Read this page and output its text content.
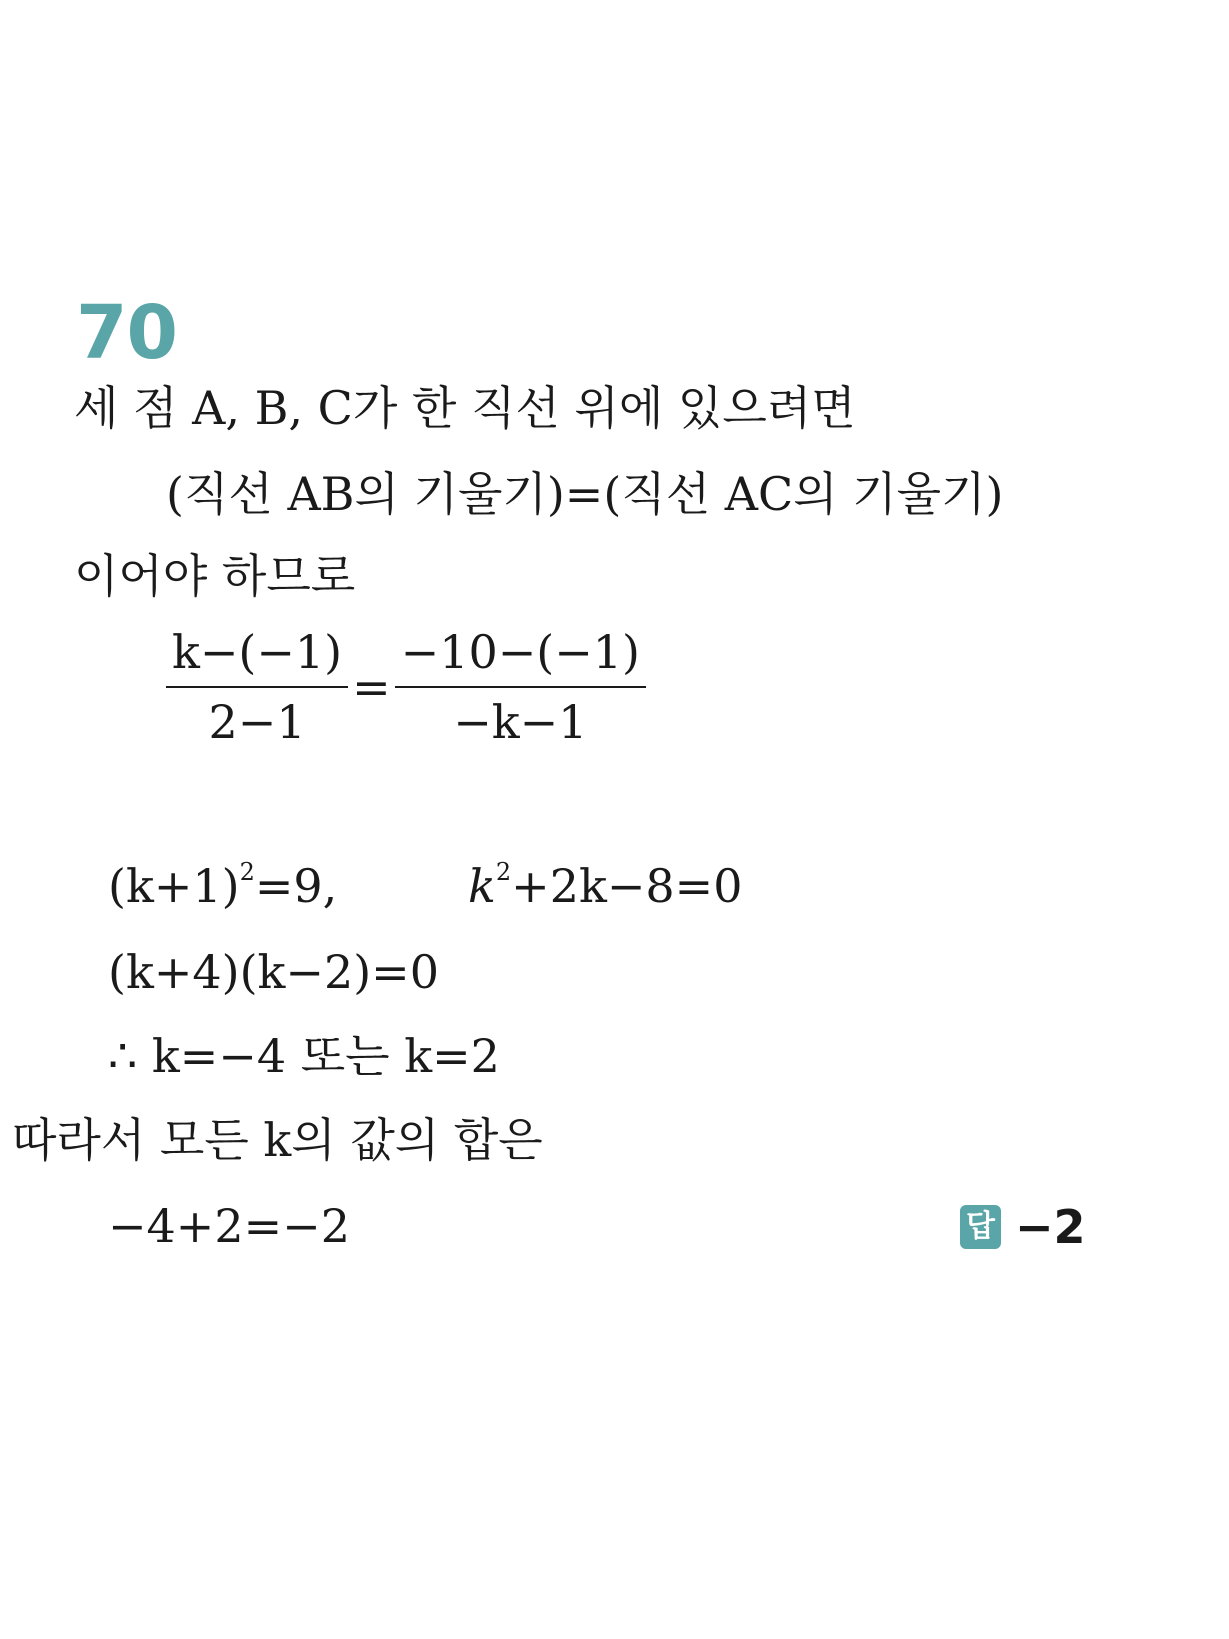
70
세 점 A, B, C가 한 직선 위에 있으려면
(직선 AB의 기울기)=(직선 AC의 기울기)
이어야 하므로
$\frac{k-(-1)}{2-1} = \frac{-10-(-1)}{-k-1}$
$(k+1)^2=9$,	$k^2+2k-8=0$
(k+4)(k−2)=0
∴ k=−4 또는 k=2
따라서 모든 k의 값의 합은
−4+2=−2	답 −2
